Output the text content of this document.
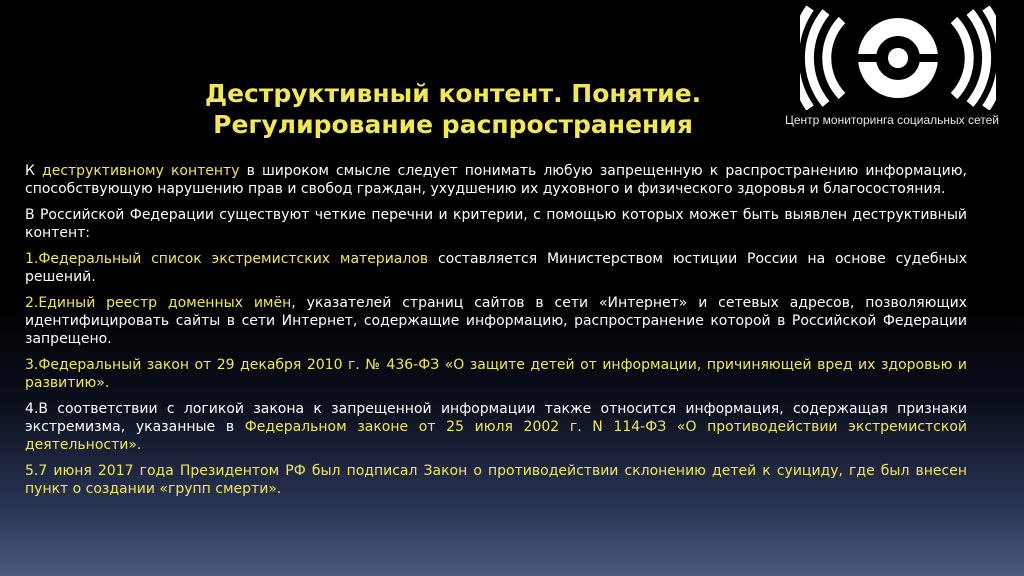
Деструктивный контент. Понятие.
Регулирование распространения	Центр мониторинга социальных сетей

К деструктивному контенту в широком смысле следует понимать любую запрещенную к распространению информацию, способствующую нарушению прав и свобод граждан, ухудшению их духовного и физического здоровья и благосостояния.

В Российской Федерации существуют четкие перечни и критерии, с помощью которых может быть выявлен деструктивный контент:

1.Федеральный список экстремистских материалов составляется Министерством юстиции России на основе судебных решений.

2.Единый реестр доменных имён, указателей страниц сайтов в сети «Интернет» и сетевых адресов, позволяющих идентифицировать сайты в сети Интернет, содержащие информацию, распространение которой в Российской Федерации запрещено.

3.Федеральный закон от 29 декабря 2010 г. № 436-ФЗ «О защите детей от информации, причиняющей вред их здоровью и развитию».

4.В соответствии с логикой закона к запрещенной информации также относится информация, содержащая признаки экстремизма, указанные в Федеральном законе от 25 июля 2002 г. N 114-ФЗ «О противодействии экстремистской деятельности».

5.7 июня 2017 года Президентом РФ был подписал Закон о противодействии склонению детей к суициду, где был внесен пункт о создании «групп смерти».
